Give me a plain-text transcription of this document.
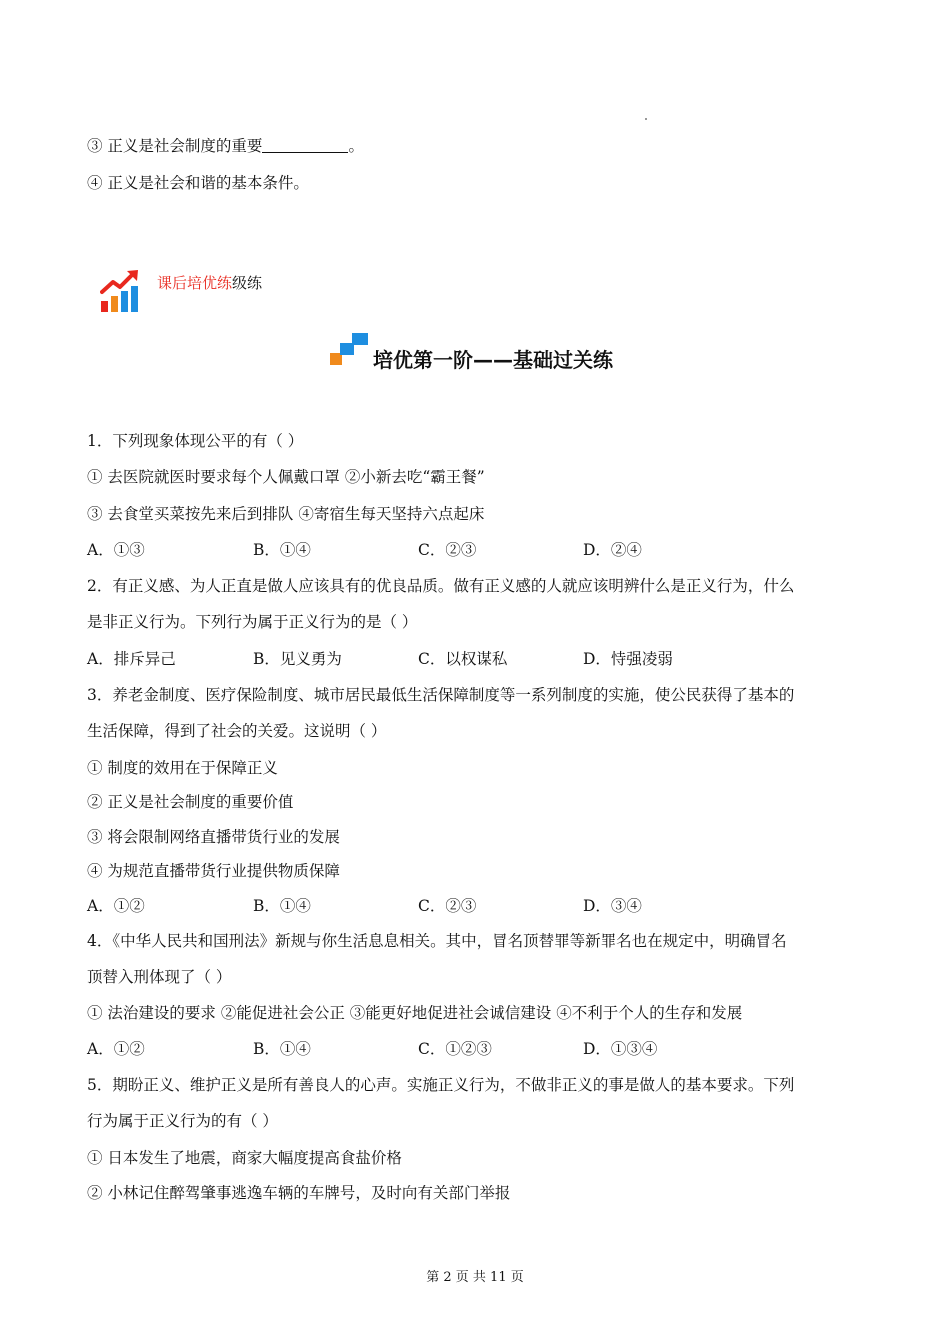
③ 正义是社会制度的重要	。
④ 正义是社会和谐的基本条件。
课后培优练级练
培优第一阶——基础过关练
1．下列现象体现公平的有（ ）
① 去医院就医时要求每个人佩戴口罩 ②小新去吃“霸王餐”
③ 去食堂买菜按先来后到排队 ④寄宿生每天坚持六点起床
A．①③	B．①④	C．②③	D．②④
2．有正义感、为人正直是做人应该具有的优良品质。做有正义感的人就应该明辨什么是正义行为，什么
是非正义行为。下列行为属于正义行为的是（ ）
A．排斥异己	B．见义勇为	C．以权谋私	D．恃强凌弱
3．养老金制度、医疗保险制度、城市居民最低生活保障制度等一系列制度的实施，使公民获得了基本的
生活保障，得到了社会的关爱。这说明（ ）
① 制度的效用在于保障正义
② 正义是社会制度的重要价值
③ 将会限制网络直播带货行业的发展
④ 为规范直播带货行业提供物质保障
A．①②	B．①④	C．②③	D．③④
4．《中华人民共和国刑法》新规与你生活息息相关。其中，冒名顶替罪等新罪名也在规定中，明确冒名
顶替入刑体现了（ ）
① 法治建设的要求 ②能促进社会公正 ③能更好地促进社会诚信建设 ④不利于个人的生存和发展
A．①②	B．①④	C．①②③	D．①③④
5．期盼正义、维护正义是所有善良人的心声。实施正义行为，不做非正义的事是做人的基本要求。下列
行为属于正义行为的有（ ）
① 日本发生了地震，商家大幅度提高食盐价格
② 小林记住醉驾肇事逃逸车辆的车牌号，及时向有关部门举报
第 2 页 共 11 页
